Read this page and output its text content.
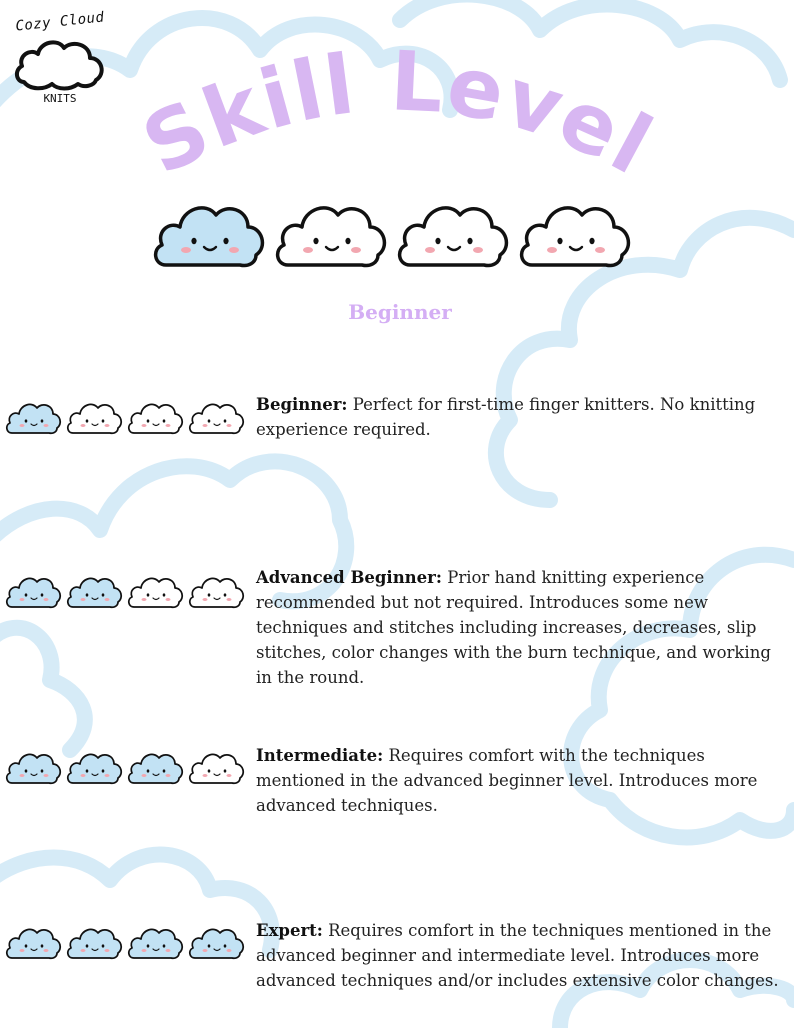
Cozy Cloud
KNITS Skill Level
Beginner
Beginner: Perfect for first-time finger knitters. No knitting experience required.
Advanced Beginner: Prior hand knitting experience recommended but not required. Introduces some new techniques and stitches including increases, decreases, slip stitches, color changes with the burn technique, and working in the round.
Intermediate: Requires comfort with the techniques mentioned in the advanced beginner level. Introduces more advanced techniques.
Expert: Requires comfort in the techniques mentioned in the advanced beginner and intermediate level. Introduces more advanced techniques and/or includes extensive color changes.
